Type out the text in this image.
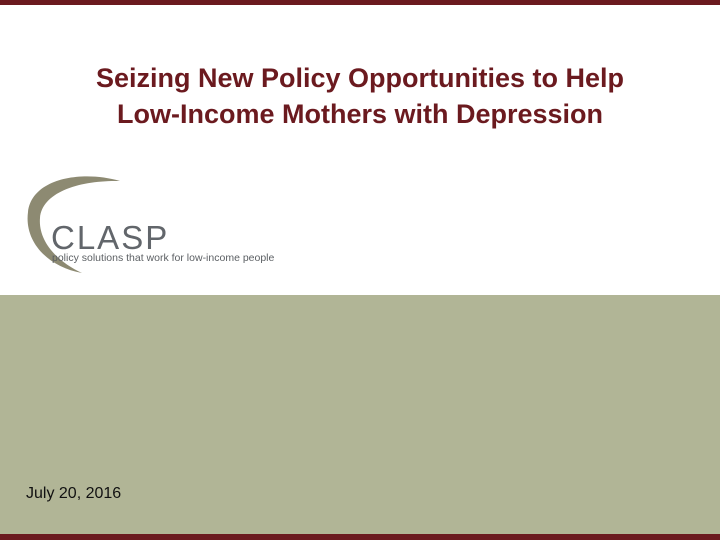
Seizing New Policy Opportunities to Help
Low-Income Mothers with Depression
CLASP
policy solutions that work for low-income people
July 20, 2016
